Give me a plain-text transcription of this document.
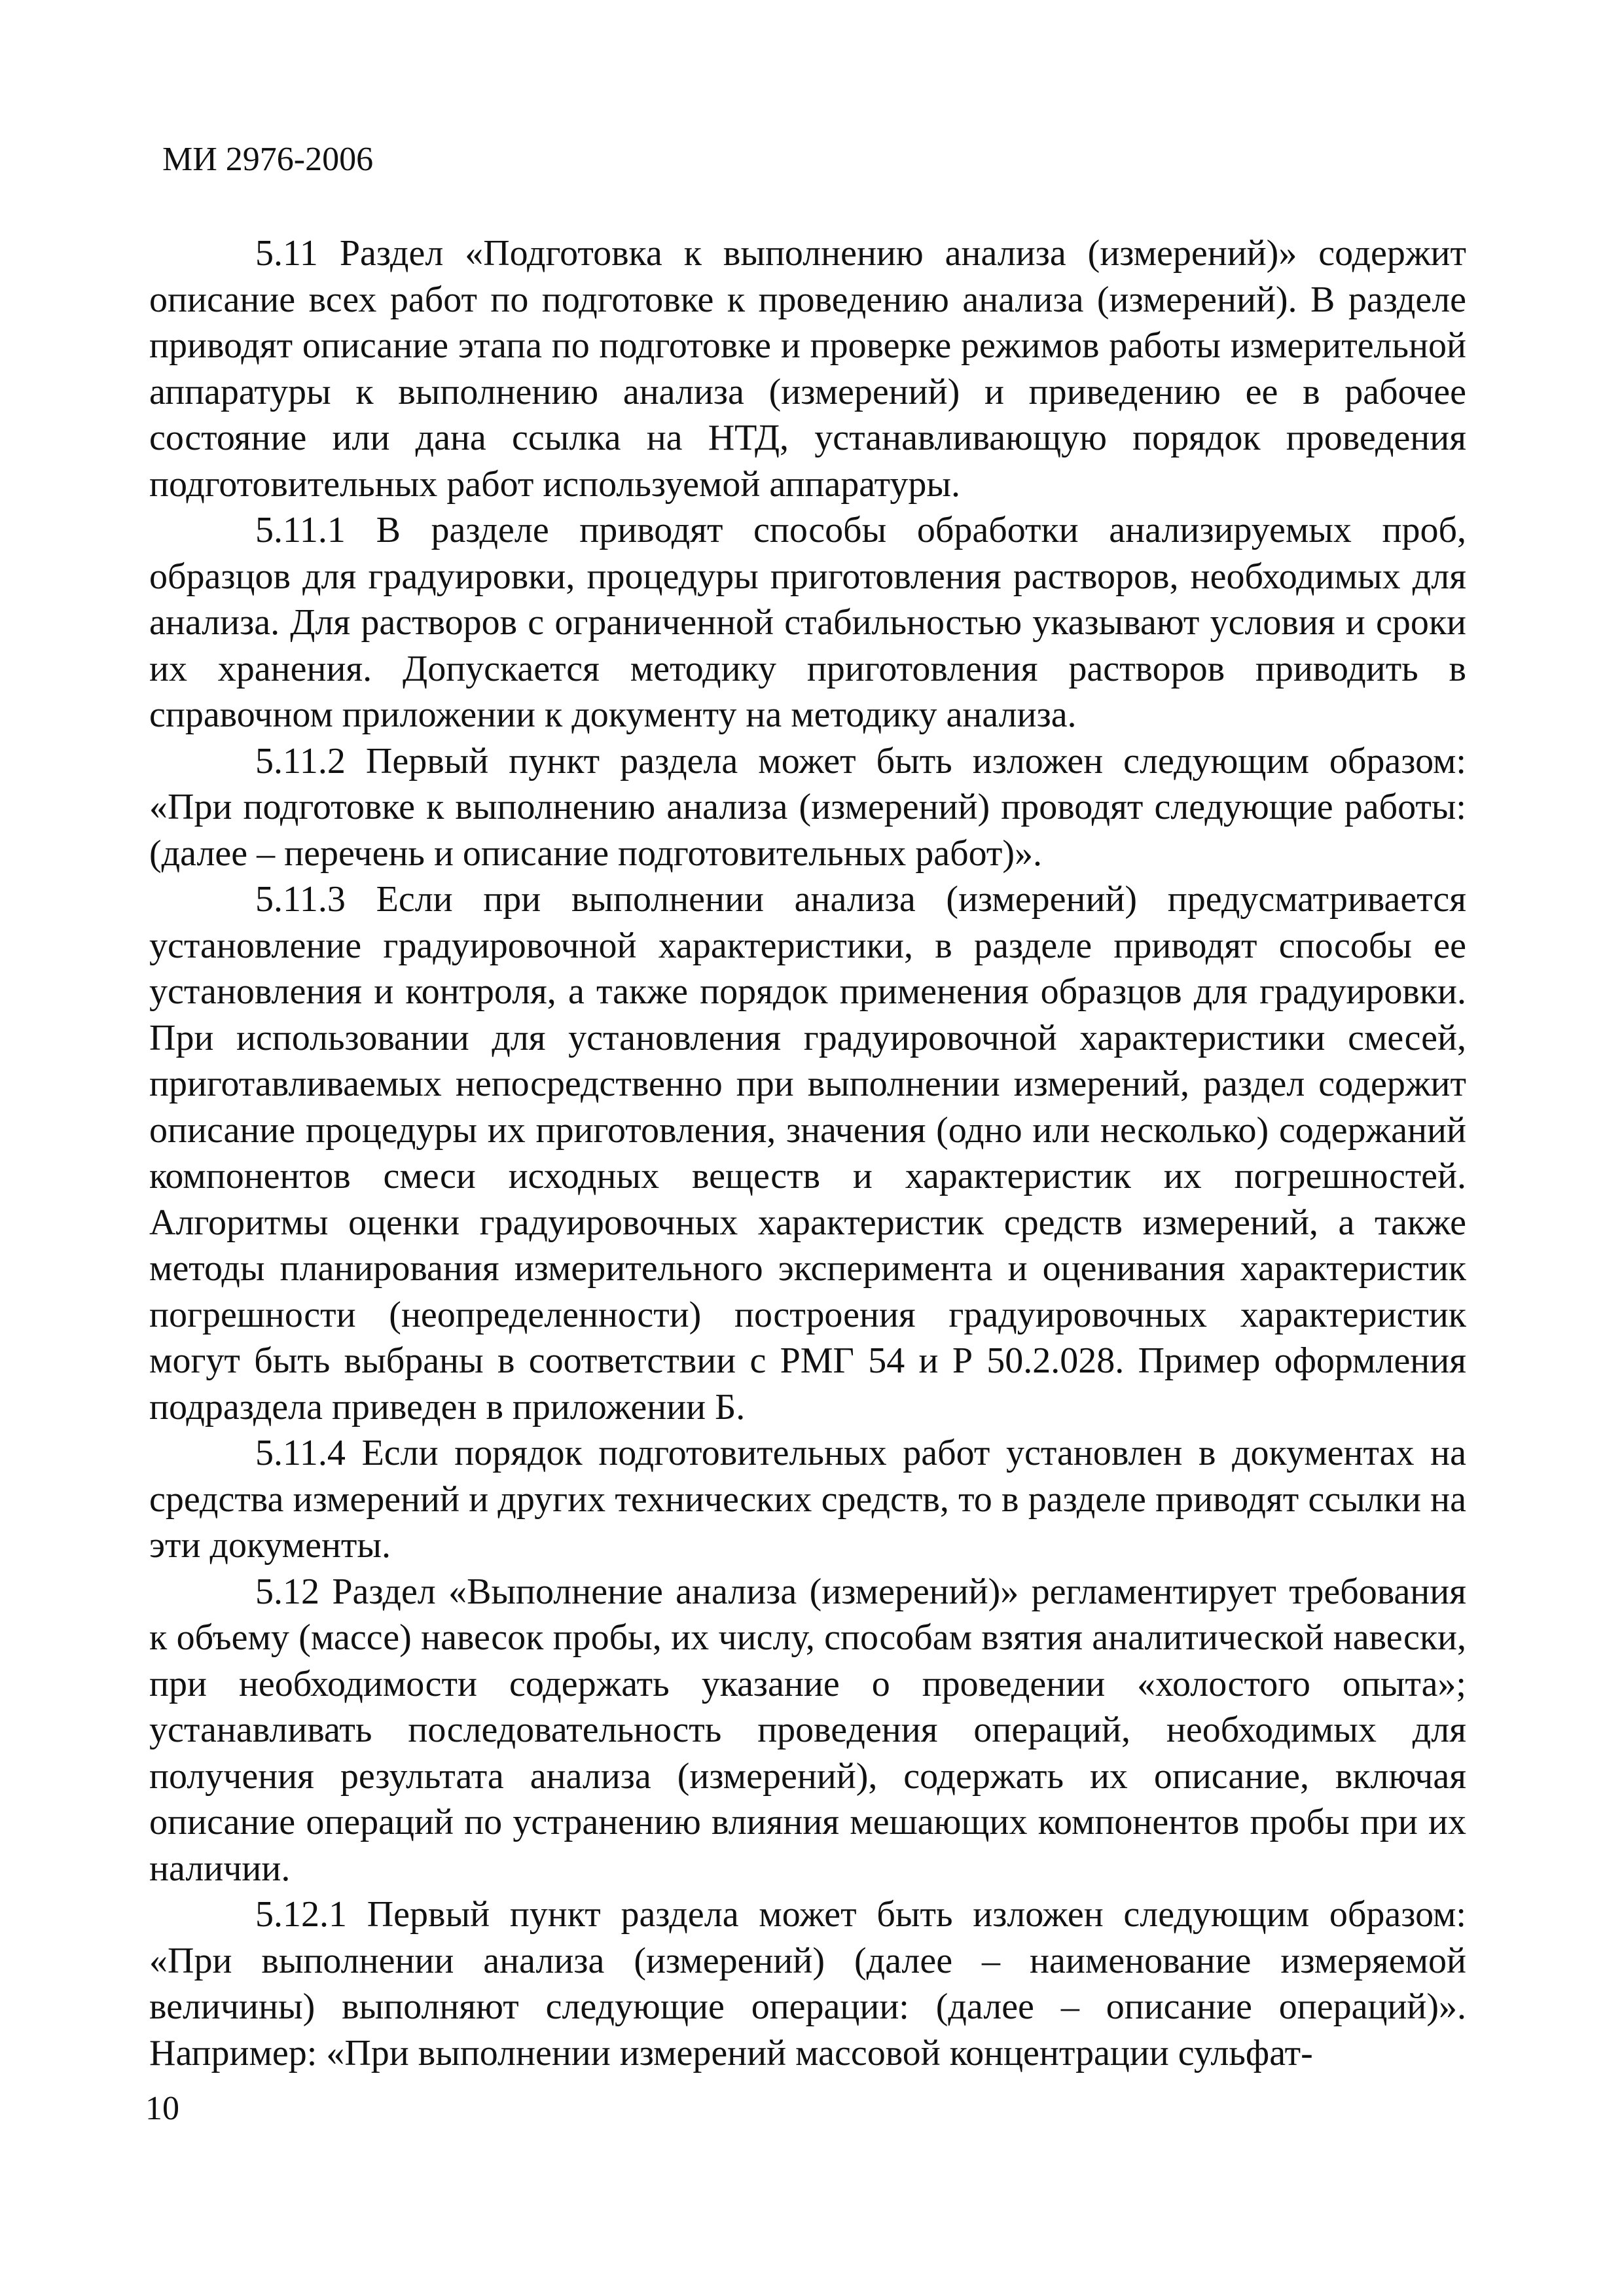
МИ 2976-2006

5.11 Раздел «Подготовка к выполнению анализа (измерений)» содержит описание всех работ по подготовке к проведению анализа (измерений). В разделе приводят описание этапа по подготовке и проверке режимов работы измерительной аппаратуры к выполнению анализа (измерений) и приведению ее в рабочее состояние или дана ссылка на НТД, устанавливающую порядок проведения подготовительных работ используемой аппаратуры.

5.11.1 В разделе приводят способы обработки анализируемых проб, образцов для градуировки, процедуры приготовления растворов, необходимых для анализа. Для растворов с ограниченной стабильностью указывают условия и сроки их хранения. Допускается методику приготовления растворов приводить в справочном приложении к документу на методику анализа.

5.11.2 Первый пункт раздела может быть изложен следующим образом: «При подготовке к выполнению анализа (измерений) проводят следующие работы: (далее – перечень и описание подготовительных работ)».

5.11.3 Если при выполнении анализа (измерений) предусматривается установление градуировочной характеристики, в разделе приводят способы ее установления и контроля, а также порядок применения образцов для градуировки. При использовании для установления градуировочной характеристики смесей, приготавливаемых непосредственно при выполнении измерений, раздел содержит описание процедуры их приготовления, значения (одно или несколько) содержаний компонентов смеси исходных веществ и характеристик их погрешностей. Алгоритмы оценки градуировочных характеристик средств измерений, а также методы планирования измерительного эксперимента и оценивания характеристик погрешности (неопределенности) построения градуировочных характеристик могут быть выбраны в соответствии с РМГ 54 и Р 50.2.028. Пример оформления подраздела приведен в приложении Б.

5.11.4 Если порядок подготовительных работ установлен в документах на средства измерений и других технических средств, то в разделе приводят ссылки на эти документы.

5.12 Раздел «Выполнение анализа (измерений)» регламентирует требования к объему (массе) навесок пробы, их числу, способам взятия аналитической навески, при необходимости содержать указание о проведении «холостого опыта»; устанавливать последовательность проведения операций, необходимых для получения результата анализа (измерений), содержать их описание, включая описание операций по устранению влияния мешающих компонентов пробы при их наличии.

5.12.1 Первый пункт раздела может быть изложен следующим образом: «При выполнении анализа (измерений) (далее – наименование измеряемой величины) выполняют следующие операции: (далее – описание операций)». Например: «При выполнении измерений массовой концентрации сульфат-

10
